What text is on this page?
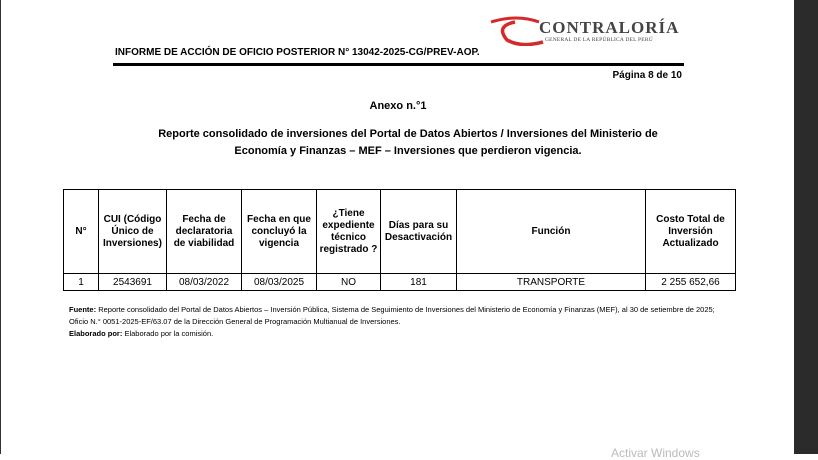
CONTRALORÍA
GENERAL DE LA REPÚBLICA DEL PERÚ
INFORME DE ACCIÓN DE OFICIO POSTERIOR N° 13042-2025-CG/PREV-AOP.
Página 8 de 10
Anexo n.°1
Reporte consolidado de inversiones del Portal de Datos Abiertos / Inversiones del Ministerio de
Economía y Finanzas – MEF – Inversiones que perdieron vigencia.
N°	CUI (Código Único de Inversiones)	Fecha de declaratoria de viabilidad	Fecha en que concluyó la vigencia	¿Tiene expediente técnico registrado ?	Días para su Desactivación	Función	Costo Total de Inversión Actualizado
1	2543691	08/03/2022	08/03/2025	NO	181	TRANSPORTE	2 255 652,66
Fuente: Reporte consolidado del Portal de Datos Abiertos – Inversión Pública, Sistema de Seguimiento de Inversiones del Ministerio de Economía y Finanzas (MEF), al 30 de setiembre de 2025; Oficio N.° 0051-2025-EF/63.07 de la Dirección General de Programación Multianual de Inversiones.
Elaborado por: Elaborado por la comisión.
Activar Windows
